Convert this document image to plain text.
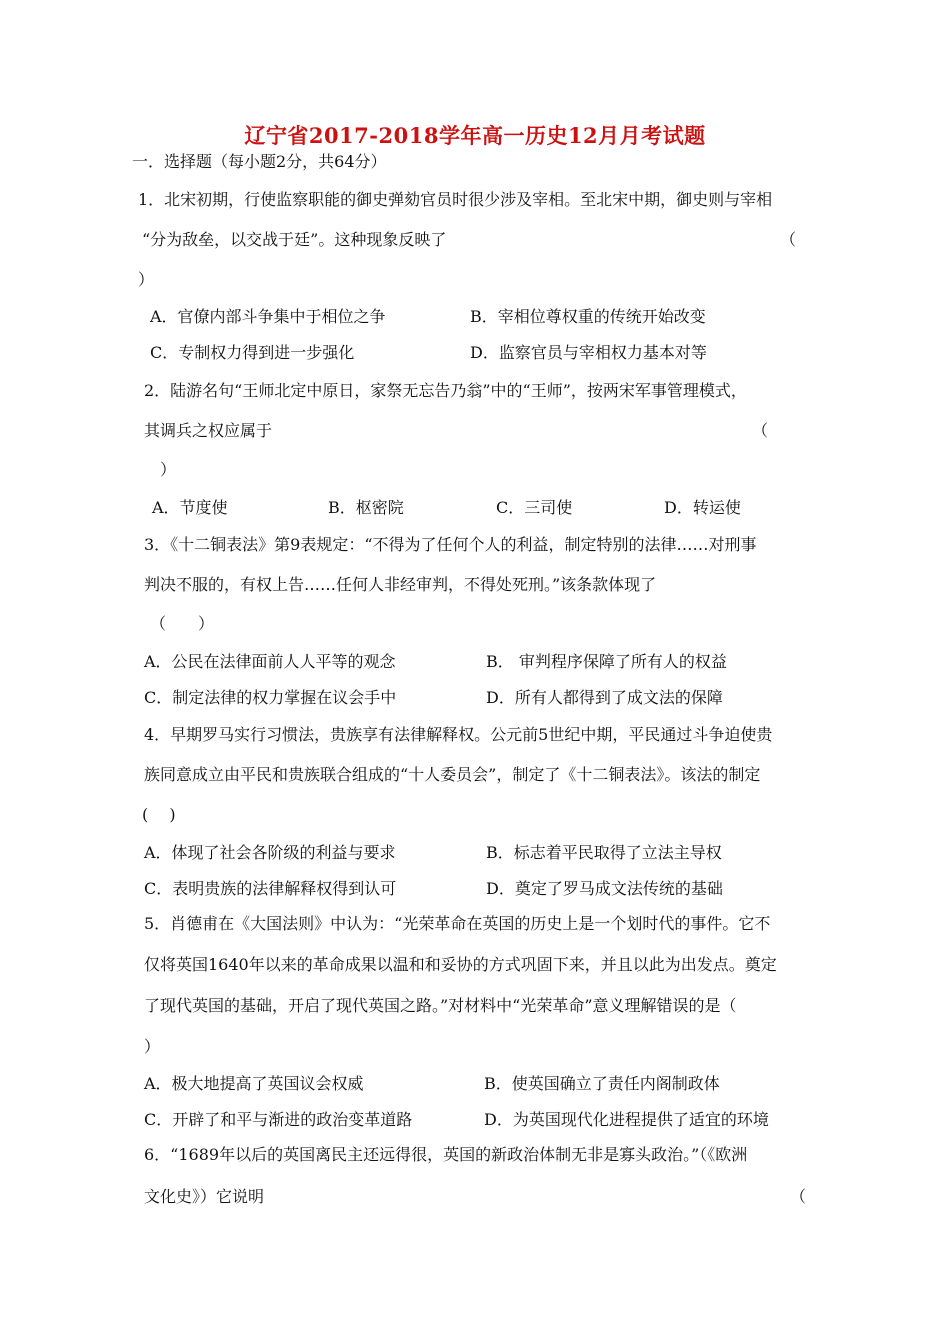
辽宁省2017-2018学年高一历史12月月考试题
一．选择题（每小题2分，共64分）
1．北宋初期，行使监察职能的御史弹劾官员时很少涉及宰相。至北宋中期，御史则与宰相
“分为敌垒，以交战于廷”。这种现象反映了	（
）
A．官僚内部斗争集中于相位之争	B．宰相位尊权重的传统开始改变
C．专制权力得到进一步强化	D．监察官员与宰相权力基本对等
2．陆游名句“王师北定中原日，家祭无忘告乃翁”中的“王师”，按两宋军事管理模式，
其调兵之权应属于	（
）
A．节度使	B．枢密院	C．三司使	D．转运使
3．《十二铜表法》第9表规定：“不得为了任何个人的利益，制定特别的法律……对刑事
判决不服的，有权上告……任何人非经审判，不得处死刑。”该条款体现了
（　　）
A．公民在法律面前人人平等的观念	B． 审判程序保障了所有人的权益
C．制定法律的权力掌握在议会手中	D．所有人都得到了成文法的保障
4．早期罗马实行习惯法，贵族享有法律解释权。公元前5世纪中期，平民通过斗争迫使贵
族同意成立由平民和贵族联合组成的“十人委员会”，制定了《十二铜表法》。该法的制定
(　 )
A．体现了社会各阶级的利益与要求	B．标志着平民取得了立法主导权
C．表明贵族的法律解释权得到认可	D．奠定了罗马成文法传统的基础
5．肖德甫在《大国法则》中认为：“光荣革命在英国的历史上是一个划时代的事件。它不
仅将英国1640年以来的革命成果以温和和妥协的方式巩固下来，并且以此为出发点。奠定
了现代英国的基础，开启了现代英国之路。”对材料中“光荣革命”意义理解错误的是（
）
A．极大地提高了英国议会权威	B．使英国确立了责任内阁制政体
C．开辟了和平与渐进的政治变革道路	D．为英国现代化进程提供了适宜的环境
6．“1689年以后的英国离民主还远得很，英国的新政治体制无非是寡头政治。”（《欧洲
文化史》）它说明	（
